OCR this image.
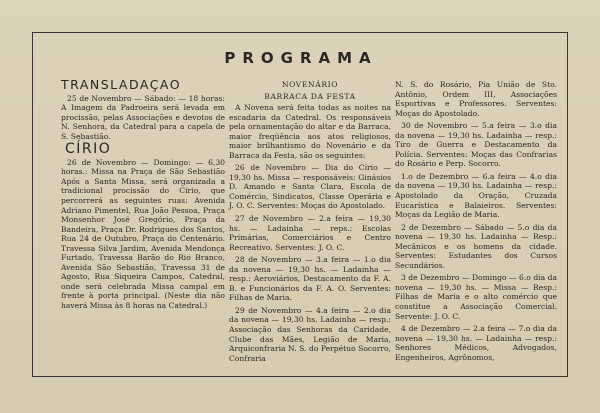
PROGRAMA
TRANSLADAÇAO
25 de Novembro — Sábado: — 18 horas: A Imagem da Padroeira será levada em procissão, pelas Associações e devotos de N. Senhora, da Catedral para a capela de S. Sebastião.
CÍRIO
26 de Novembro — Domingo: — 6,30 horas.: Missa na Praça de São Sebastião Após a Santa Missa, será organizada a tradicional procissão do Círio, que percorrerá as seguintes ruas: Avenida Adriano Pimentel, Rua João Pessoa, Praça Monsenhor José Gregório, Praça da Bandeira, Praça Dr. Rodrigues dos Santos, Rua 24 de Outubro, Praça do Centenário. Travessa Silva Jardim, Avenida Mendonça Furtado, Travessa Barão do Rio Branco, Avenida São Sebastião, Travessa 31 de Agosto, Rua Siqueira Campos, Catedral, onde será celebrada Missa campal em frente à porta principal. (Neste dia não haverá Missa às 8 horas na Catedral.)
NOVENÁRIO
BARRACA DA FESTA
A Novena será feita todas as noites na escadaria da Catedral. Os responsáveis pela ornamentação do altar e da Barraca, maior freqüência aos atos religiosos, maior brilhantismo do Novenário e da Barraca da Festa, são os seguintes:
26 de Novembro — Dia do Círio — 19,30 hs. Missa — responsáveis: Ginásios D. Amando e Santa Clara, Escola de Comércio, Sindicatos, Classe Operária e J. O. C. Serventes: Moças do Apostolado.
27 de Novembro — 2.a feira — 19,30 hs. — Ladainha — reps.: Escolas Primárias, Comerciários e Centro Recreativo. Serventes: J. O. C.
28 de Novembro — 3.a feira — 1.o dia da novena — 19,30 hs. — Ladainha — resp.: Aeroviários, Destacamento da F. A. B. e Funcionários da F. A. O. Serventes: Filhas de Maria.
29 de Novembro — 4.a feira — 2.o dia da novena — 19,30 hs. Ladainha — resp.: Associação das Senhoras da Caridade, Clube das Mães, Legião de Maria, Arquiconfraria N. S. do Perpétuo Socorro, Confraria
N. S. do Rosário, Pia União de Sto. Antônio, Ordem III, Associações Esportivas e Professores. Serventes: Moças do Apostolado.
30 de Novembro — 5.a feira — 3.o dia da novena — 19,30 hs. Ladainha — resp.: Tiro de Guerra e Destacamento da Polícia. Serventes: Moças das Confrarias do Rosário e Perp. Socorro.
1.o de Dezembro — 6.a feira — 4.o dia da novena — 19,30 hs. Ladainha — resp.: Apostolado da Oração, Cruzada Eucarística e Balaieiros. Serventes: Moças da Legião de Maria.
2 de Dezembro — Sábado — 5.o dia da novena — 19,30 hs. Ladainha — Resp.: Mecânicos e os homens da cidade. Serventes: Estudantes dos Cursos Secundários.
3 de Dezembro — Domingo — 6.o dia da novena — 19,30 hs. — Missa — Resp.: Filhas de Maria e o alto comércio que constitue a Associação Comercial. Servente: J. O. C.
4 de Dezembro — 2.a feira — 7.o dia da novena — 19,30 hs. — Ladainha — resp.: Senhores Médicos, Advogados, Engenheiros, Agrônomos,
